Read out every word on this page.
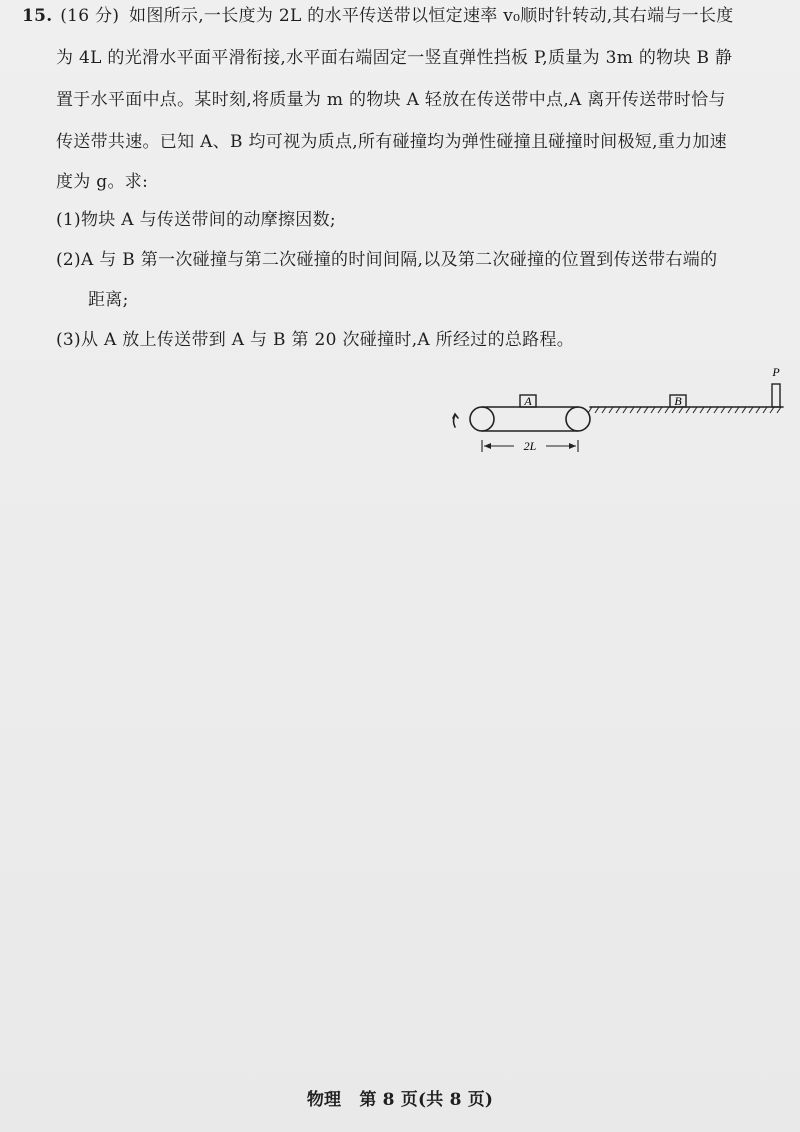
15. (16 分) 如图所示,一长度为 2L 的水平传送带以恒定速率 v₀顺时针转动,其右端与一长度
为 4L 的光滑水平面平滑衔接,水平面右端固定一竖直弹性挡板 P,质量为 3m 的物块 B 静
置于水平面中点。某时刻,将质量为 m 的物块 A 轻放在传送带中点,A 离开传送带时恰与
传送带共速。已知 A、B 均可视为质点,所有碰撞均为弹性碰撞且碰撞时间极短,重力加速
度为 g。求:
(1)物块 A 与传送带间的动摩擦因数;
(2)A 与 B 第一次碰撞与第二次碰撞的时间间隔,以及第二次碰撞的位置到传送带右端的
距离;
(3)从 A 放上传送带到 A 与 B 第 20 次碰撞时,A 所经过的总路程。
A	B
P
2L
物理 第 8 页(共 8 页)
